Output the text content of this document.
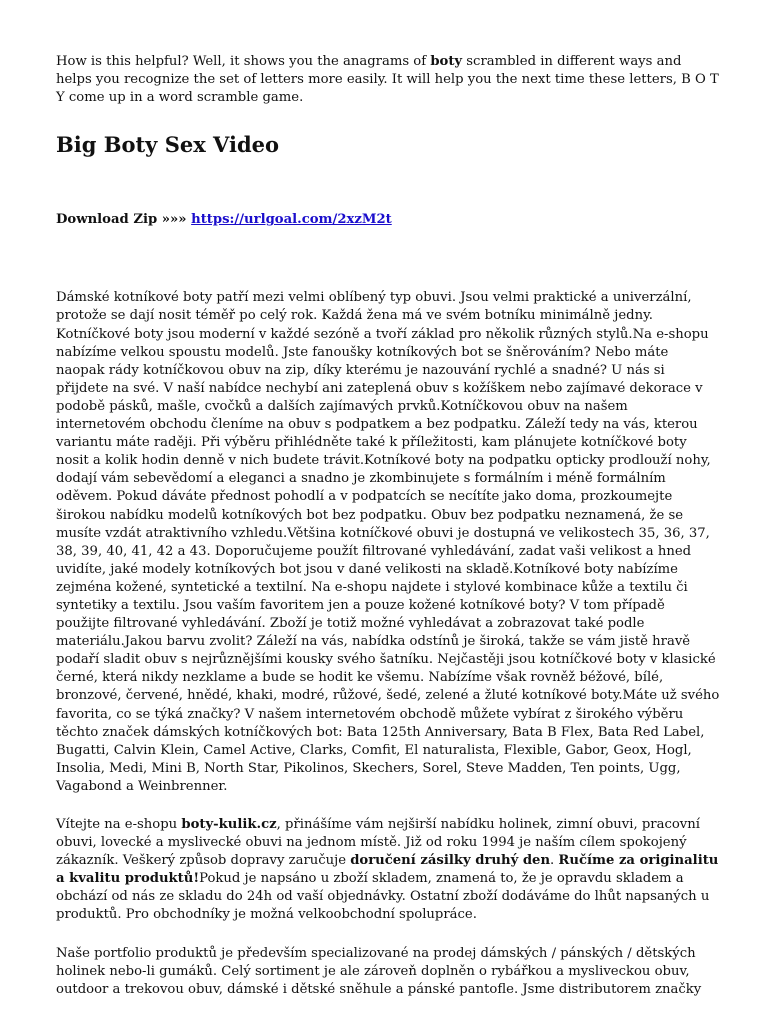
How is this helpful? Well, it shows you the anagrams of boty scrambled in different ways and helps you recognize the set of letters more easily. It will help you the next time these letters, B O T Y come up in a word scramble game.

Big Boty Sex Video

Download Zip »»» https://urlgoal.com/2xzM2t

Dámské kotníkové boty patří mezi velmi oblíbený typ obuvi. Jsou velmi praktické a univerzální, protože se dají nosit téměř po celý rok. Každá žena má ve svém botníku minimálně jedny. Kotníčkové boty jsou moderní v každé sezóně a tvoří základ pro několik různých stylů.Na e-shopu nabízíme velkou spoustu modelů. Jste fanoušky kotníkových bot se šněrováním? Nebo máte naopak rády kotníčkovou obuv na zip, díky kterému je nazouvání rychlé a snadné? U nás si přijdete na své. V naší nabídce nechybí ani zateplená obuv s kožíškem nebo zajímavé dekorace v podobě pásků, mašle, cvočků a dalších zajímavých prvků.Kotníčkovou obuv na našem internetovém obchodu členíme na obuv s podpatkem a bez podpatku. Záleží tedy na vás, kterou variantu máte raději. Při výběru přihlédněte také k příležitosti, kam plánujete kotníčkové boty nosit a kolik hodin denně v nich budete trávit.Kotníkové boty na podpatku opticky prodlouží nohy, dodají vám sebevědomí a eleganci a snadno je zkombinujete s formálním i méně formálním oděvem. Pokud dáváte přednost pohodlí a v podpatcích se necítíte jako doma, prozkoumejte širokou nabídku modelů kotníkových bot bez podpatku. Obuv bez podpatku neznamená, že se musíte vzdát atraktivního vzhledu.Většina kotníčkové obuvi je dostupná ve velikostech 35, 36, 37, 38, 39, 40, 41, 42 a 43. Doporučujeme použít filtrované vyhledávání, zadat vaši velikost a hned uvidíte, jaké modely kotníkových bot jsou v dané velikosti na skladě.Kotníkové boty nabízíme zejména kožené, syntetické a textilní. Na e-shopu najdete i stylové kombinace kůže a textilu či syntetiky a textilu. Jsou vaším favoritem jen a pouze kožené kotníkové boty? V tom případě použijte filtrované vyhledávání. Zboží je totiž možné vyhledávat a zobrazovat také podle materiálu.Jakou barvu zvolit? Záleží na vás, nabídka odstínů je široká, takže se vám jistě hravě podaří sladit obuv s nejrůznějšími kousky svého šatníku. Nejčastěji jsou kotníčkové boty v klasické černé, která nikdy nezklame a bude se hodit ke všemu. Nabízíme však rovněž béžové, bílé, bronzové, červené, hnědé, khaki, modré, růžové, šedé, zelené a žluté kotníkové boty.Máte už svého favorita, co se týká značky? V našem internetovém obchodě můžete vybírat z širokého výběru těchto značek dámských kotníčkových bot: Bata 125th Anniversary, Bata B Flex, Bata Red Label, Bugatti, Calvin Klein, Camel Active, Clarks, Comfit, El naturalista, Flexible, Gabor, Geox, Hogl, Insolia, Medi, Mini B, North Star, Pikolinos, Skechers, Sorel, Steve Madden, Ten points, Ugg, Vagabond a Weinbrenner.

Vítejte na e-shopu boty-kulik.cz, přinášíme vám nejširší nabídku holinek, zimní obuvi, pracovní obuvi, lovecké a myslivecké obuvi na jednom místě. Již od roku 1994 je naším cílem spokojený zákazník. Veškerý způsob dopravy zaručuje doručení zásilky druhý den. Ručíme za originalitu a kvalitu produktů!Pokud je napsáno u zboží skladem, znamená to, že je opravdu skladem a obchází od nás ze skladu do 24h od vaší objednávky. Ostatní zboží dodáváme do lhůt napsaných u produktů. Pro obchodníky je možná velkoobchodní spolupráce.

Naše portfolio produktů je především specializované na prodej dámských / pánských / dětských holinek nebo-li gumáků. Celý sortiment je ale zároveň doplněn o rybářkou a mysliveckou obuv, outdoor a trekovou obuv, dámské i dětské sněhule a pánské pantofle. Jsme distributorem značky
